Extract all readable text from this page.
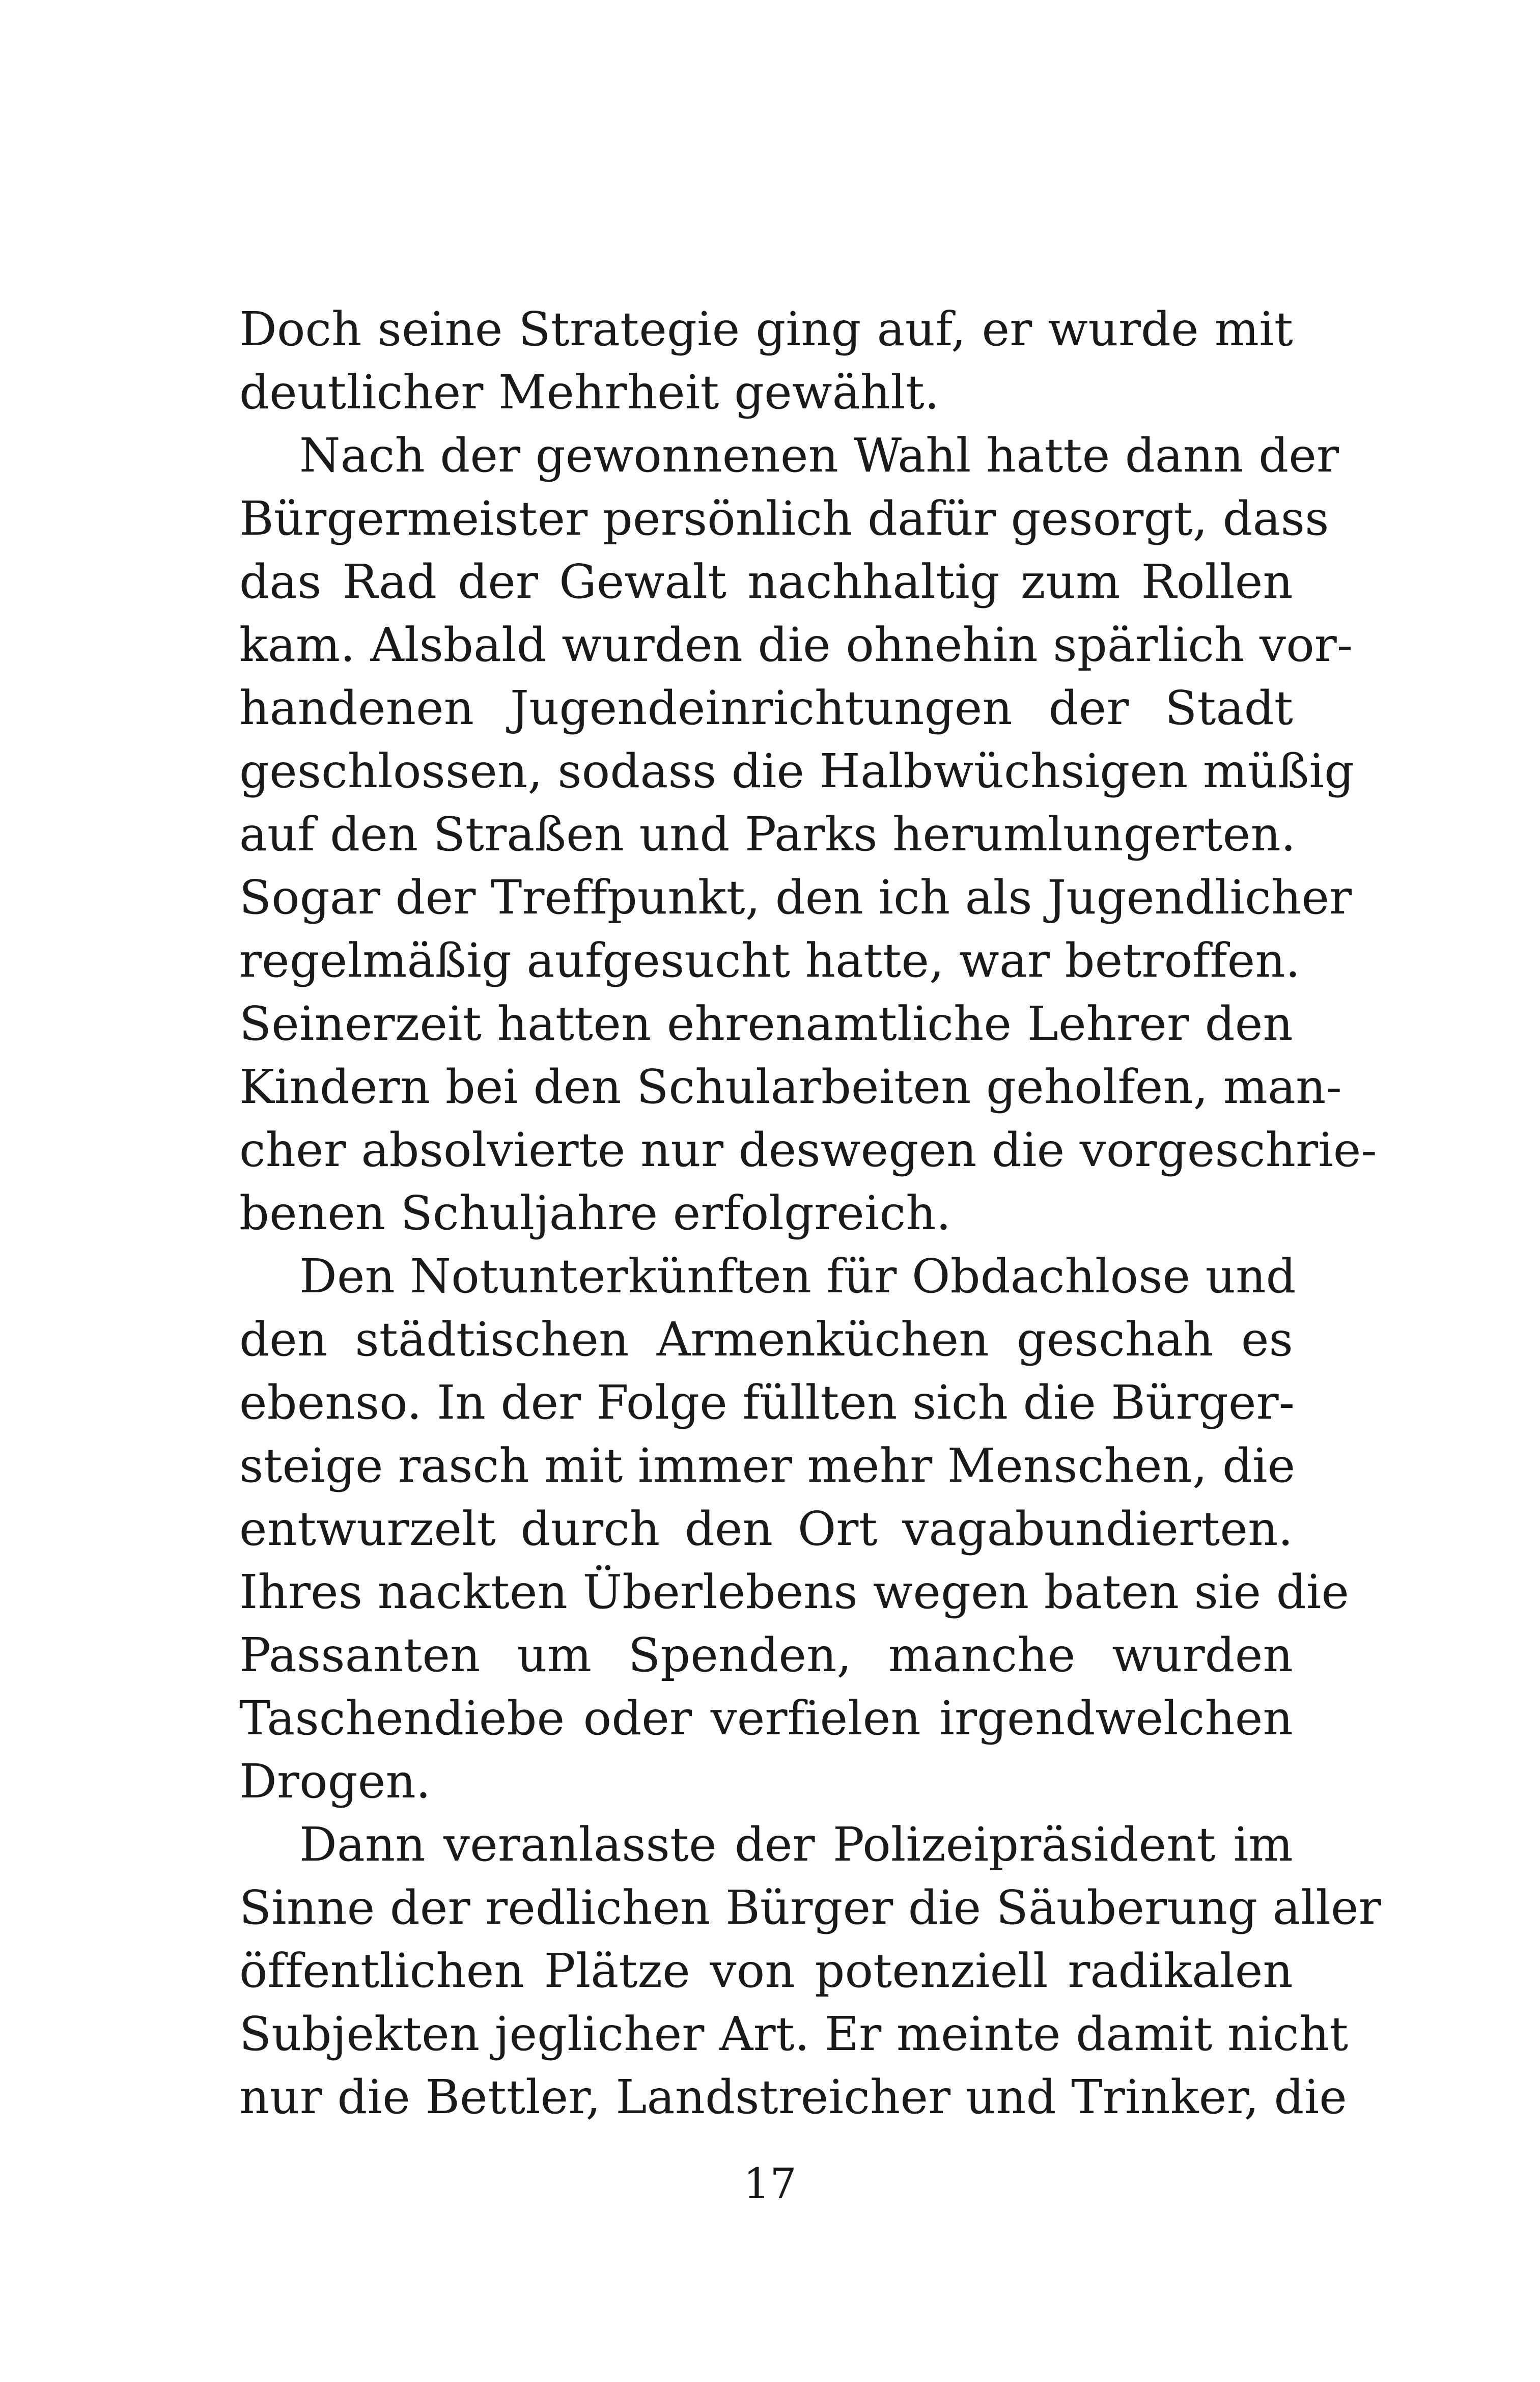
Doch seine Strategie ging auf, er wurde mit
deutlicher Mehrheit gewählt.
Nach der gewonnenen Wahl hatte dann der
Bürgermeister persönlich dafür gesorgt, dass
das Rad der Gewalt nachhaltig zum Rollen
kam. Alsbald wurden die ohnehin spärlich vor-
handenen Jugendeinrichtungen der Stadt
geschlossen, sodass die Halbwüchsigen müßig
auf den Straßen und Parks herumlungerten.
Sogar der Treffpunkt, den ich als Jugendlicher
regelmäßig aufgesucht hatte, war betroffen.
Seinerzeit hatten ehrenamtliche Lehrer den
Kindern bei den Schularbeiten geholfen, man-
cher absolvierte nur deswegen die vorgeschrie-
benen Schuljahre erfolgreich.
Den Notunterkünften für Obdachlose und
den städtischen Armenküchen geschah es
ebenso. In der Folge füllten sich die Bürger-
steige rasch mit immer mehr Menschen, die
entwurzelt durch den Ort vagabundierten.
Ihres nackten Überlebens wegen baten sie die
Passanten um Spenden, manche wurden
Taschendiebe oder verfielen irgendwelchen
Drogen.
Dann veranlasste der Polizeipräsident im
Sinne der redlichen Bürger die Säuberung aller
öffentlichen Plätze von potenziell radikalen
Subjekten jeglicher Art. Er meinte damit nicht
nur die Bettler, Landstreicher und Trinker, die
17
